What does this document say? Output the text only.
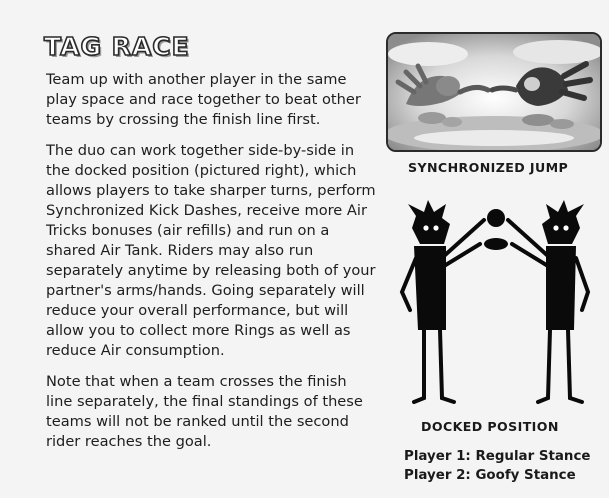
TAG RACE
Team up with another player in the same play space and race together to beat other teams by crossing the finish line first.
The duo can work together side-by-side in the docked position (pictured right), which allows players to take sharper turns, perform Synchronized Kick Dashes, receive more Air Tricks bonuses (air refills) and run on a shared Air Tank. Riders may also run separately anytime by releasing both of your partner's arms/hands. Going separately will reduce your overall performance, but will allow you to collect more Rings as well as reduce Air consumption.
Note that when a team crosses the finish line separately, the final standings of these teams will not be ranked until the second rider reaches the goal.
SYNCHRONIZED JUMP
DOCKED POSITION
Player 1: Regular Stance
Player 2: Goofy Stance
